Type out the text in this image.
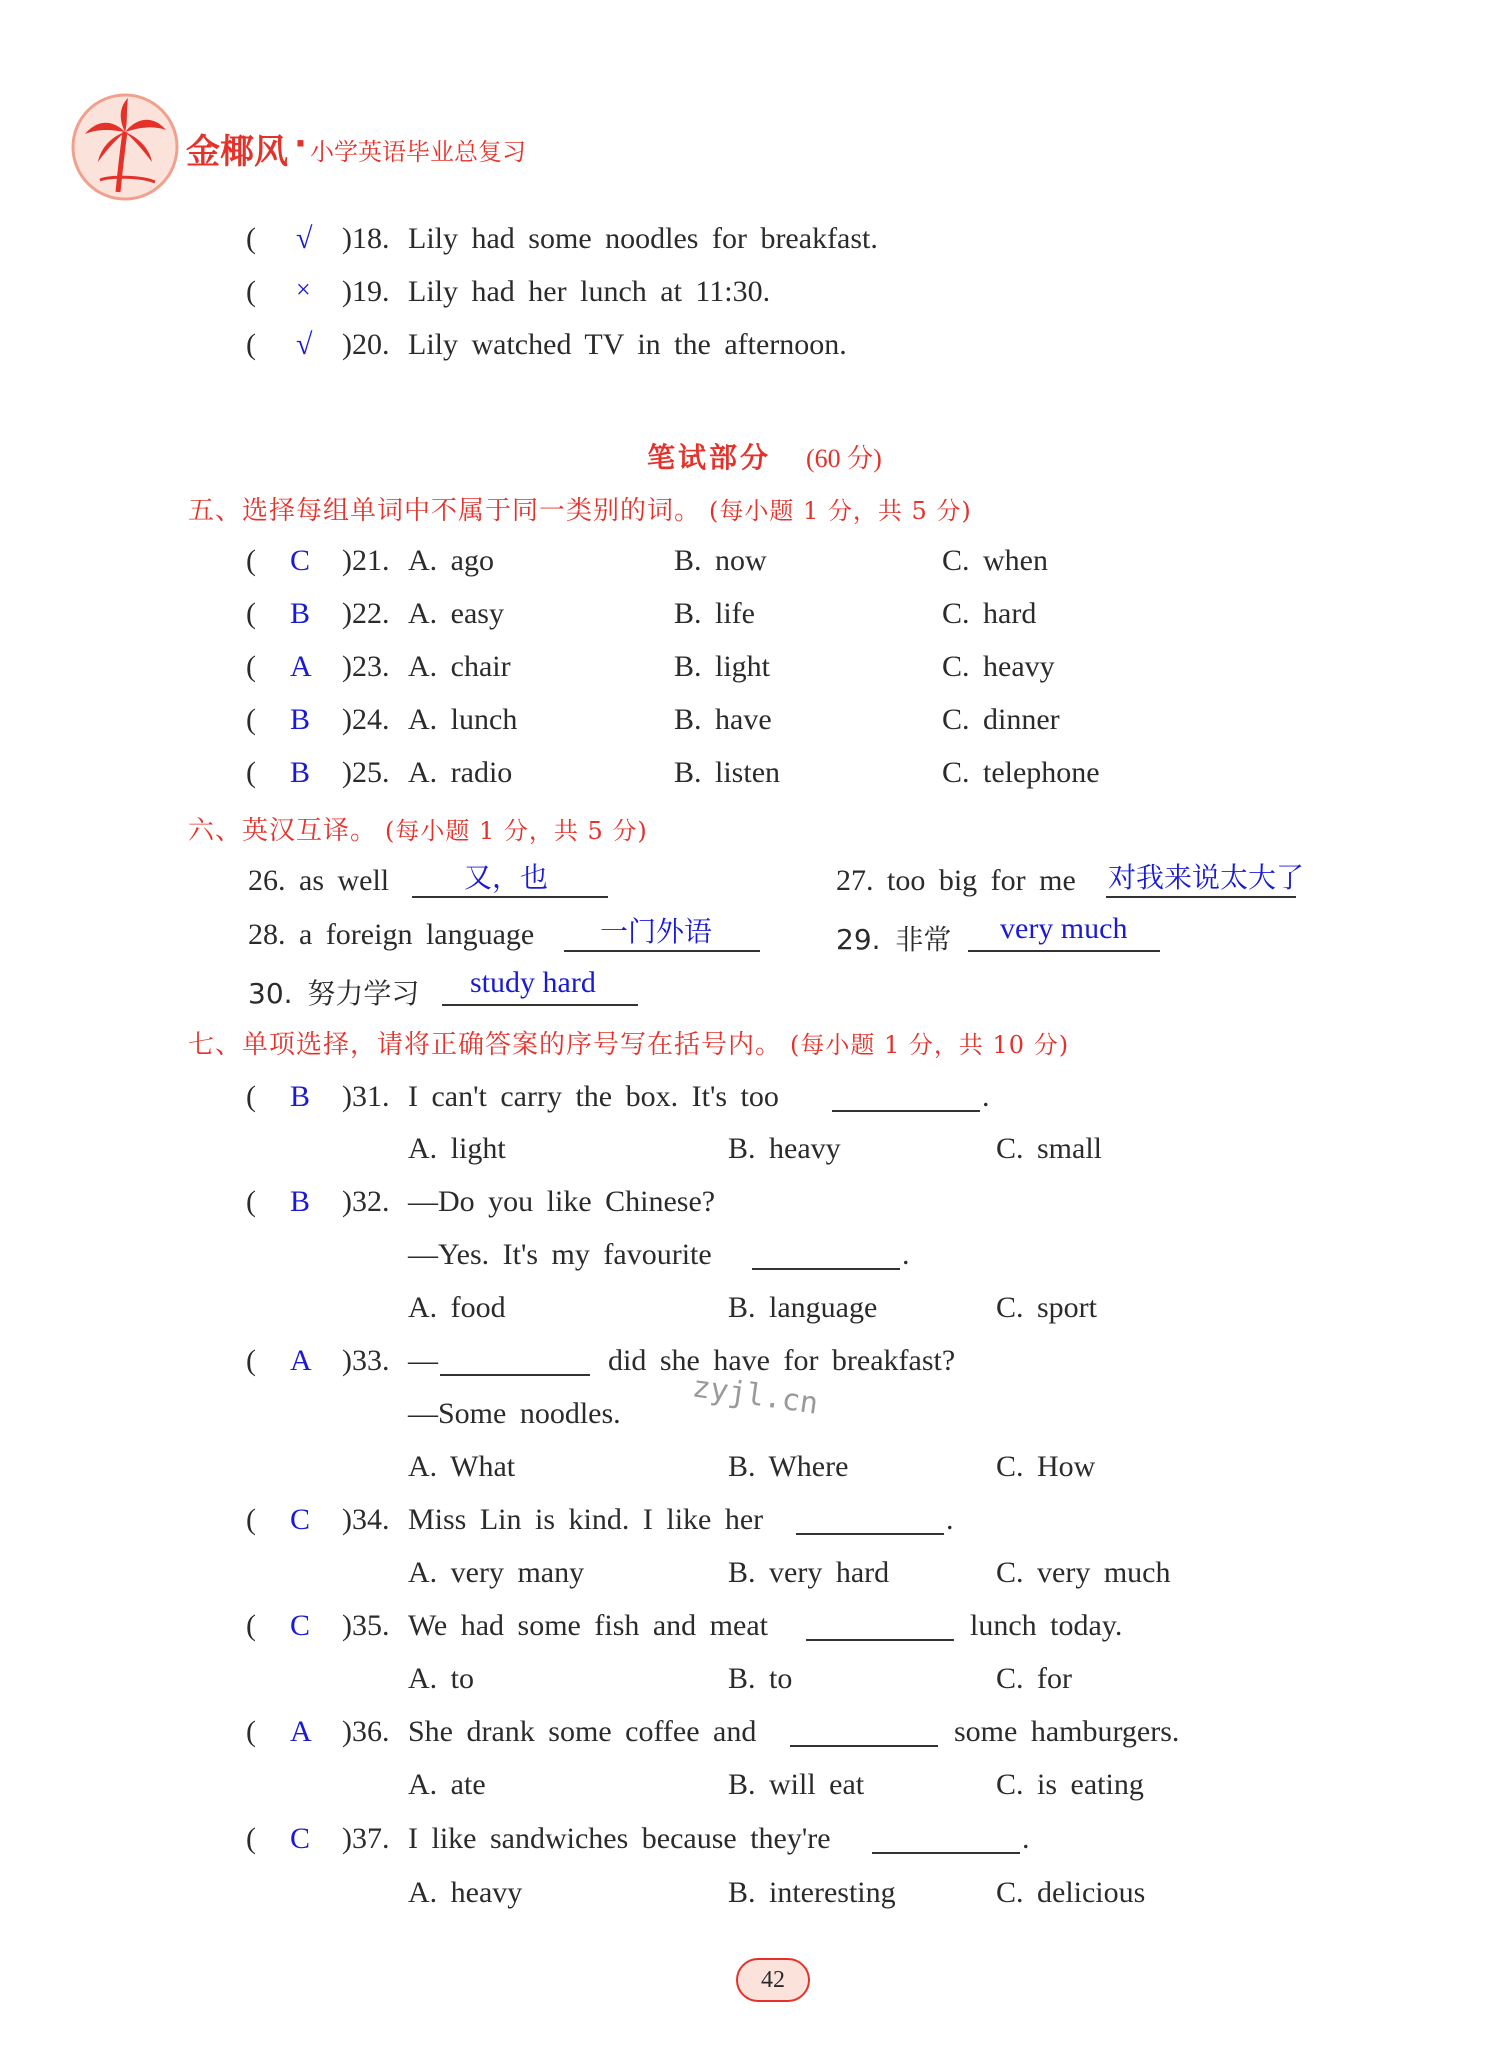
金椰风 · 小学英语毕业总复习
( √ )18. Lily had some noodles for breakfast.
( × )19. Lily had her lunch at 11:30.
( √ )20. Lily watched TV in the afternoon.
笔试部分 (60 分)
五、选择每组单词中不属于同一类别的词。 (每小题 1 分，共 5 分)
( C )21. A. ago	B. now	C. when
( B )22. A. easy	B. life	C. hard
( A )23. A. chair	B. light	C. heavy
( B )24. A. lunch	B. have	C. dinner
( B )25. A. radio	B. listen	C. telephone
六、英汉互译。 (每小题 1 分，共 5 分)
26. as well	又，也	27. too big for me 对我来说太大了
28. a foreign language 一门外语	29. 非常 very much
30. 努力学习 study hard
七、单项选择，请将正确答案的序号写在括号内。 (每小题 1 分，共 10 分)
( B )31. I can't carry the box. It's too	.
A. light	B. heavy	C. small
( B )32. —Do you like Chinese?
—Yes. It's my favourite	.
A. food	B. language	C. sport
( A )33. —	did she have for breakfast?
—Some noodles. zyjl.cn
A. What	B. Where	C. How
( C )34. Miss Lin is kind. I like her	.
A. very many	B. very hard	C. very much
( C )35. We had some fish and meat	lunch today.
A. to	B. to	C. for
( A )36. She drank some coffee and	some hamburgers.
A. ate	B. will eat	C. is eating
( C )37. I like sandwiches because they're	.
A. heavy	B. interesting	C. delicious
42
